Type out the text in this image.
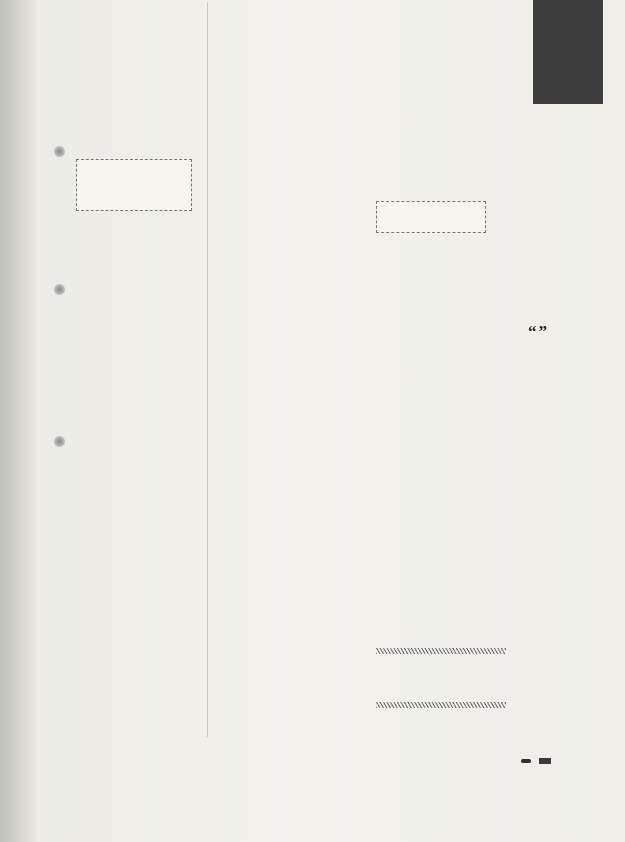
“ ”
